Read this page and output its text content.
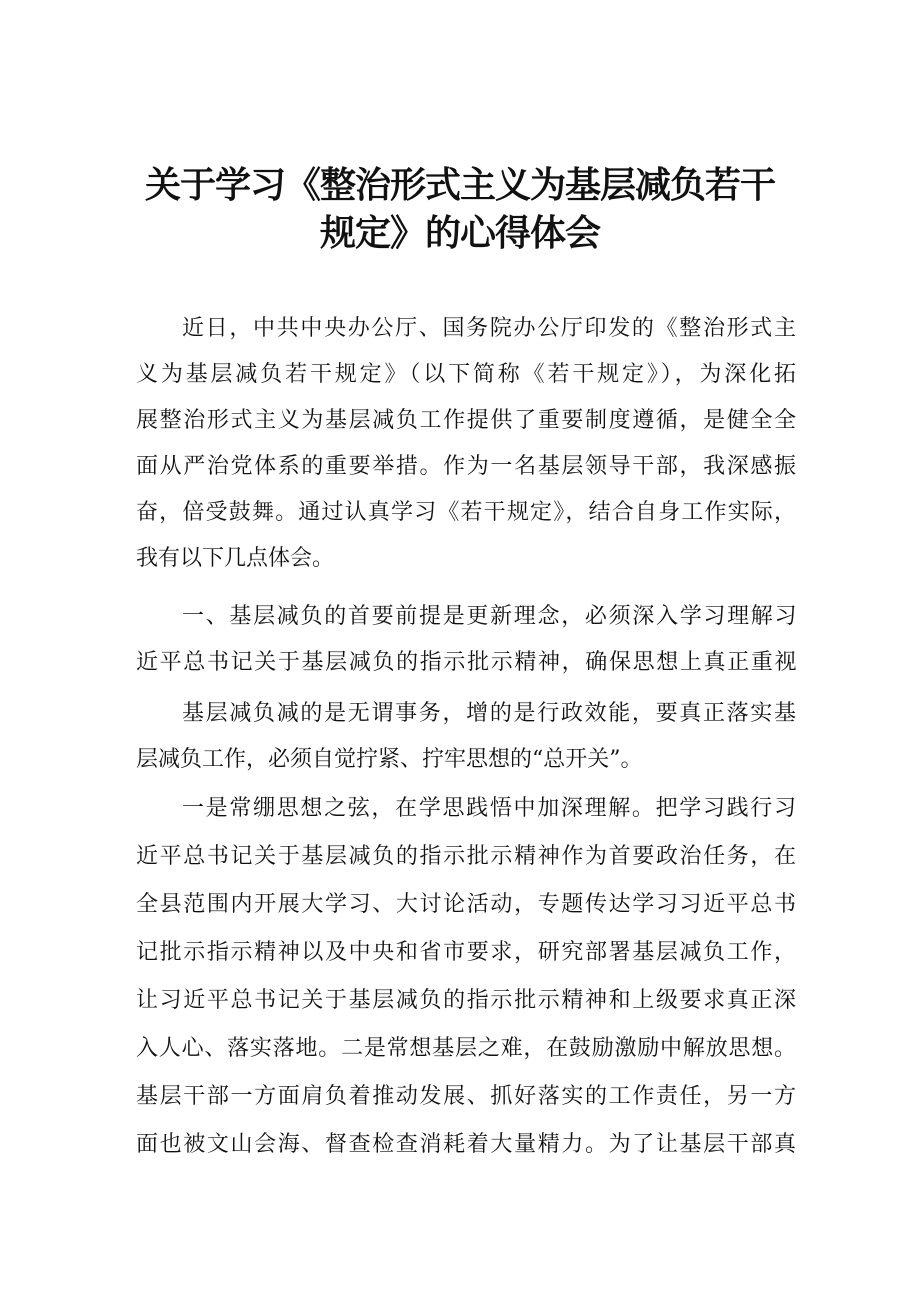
关于学习《整治形式主义为基层减负若干
规定》的心得体会

近日，中共中央办公厅、国务院办公厅印发的《整治形式主

义为基层减负若干规定》（以下简称《若干规定》），为深化拓

展整治形式主义为基层减负工作提供了重要制度遵循，是健全全

面从严治党体系的重要举措。作为一名基层领导干部，我深感振

奋，倍受鼓舞。通过认真学习《若干规定》，结合自身工作实际，

我有以下几点体会。

一、基层减负的首要前提是更新理念，必须深入学习理解习

近平总书记关于基层减负的指示批示精神，确保思想上真正重视

基层减负减的是无谓事务，增的是行政效能，要真正落实基

层减负工作，必须自觉拧紧、拧牢思想的“总开关”。

一是常绷思想之弦，在学思践悟中加深理解。把学习践行习

近平总书记关于基层减负的指示批示精神作为首要政治任务，在

全县范围内开展大学习、大讨论活动，专题传达学习习近平总书

记批示指示精神以及中央和省市要求，研究部署基层减负工作，

让习近平总书记关于基层减负的指示批示精神和上级要求真正深

入人心、落实落地。二是常想基层之难，在鼓励激励中解放思想。

基层干部一方面肩负着推动发展、抓好落实的工作责任，另一方

面也被文山会海、督查检查消耗着大量精力。为了让基层干部真
